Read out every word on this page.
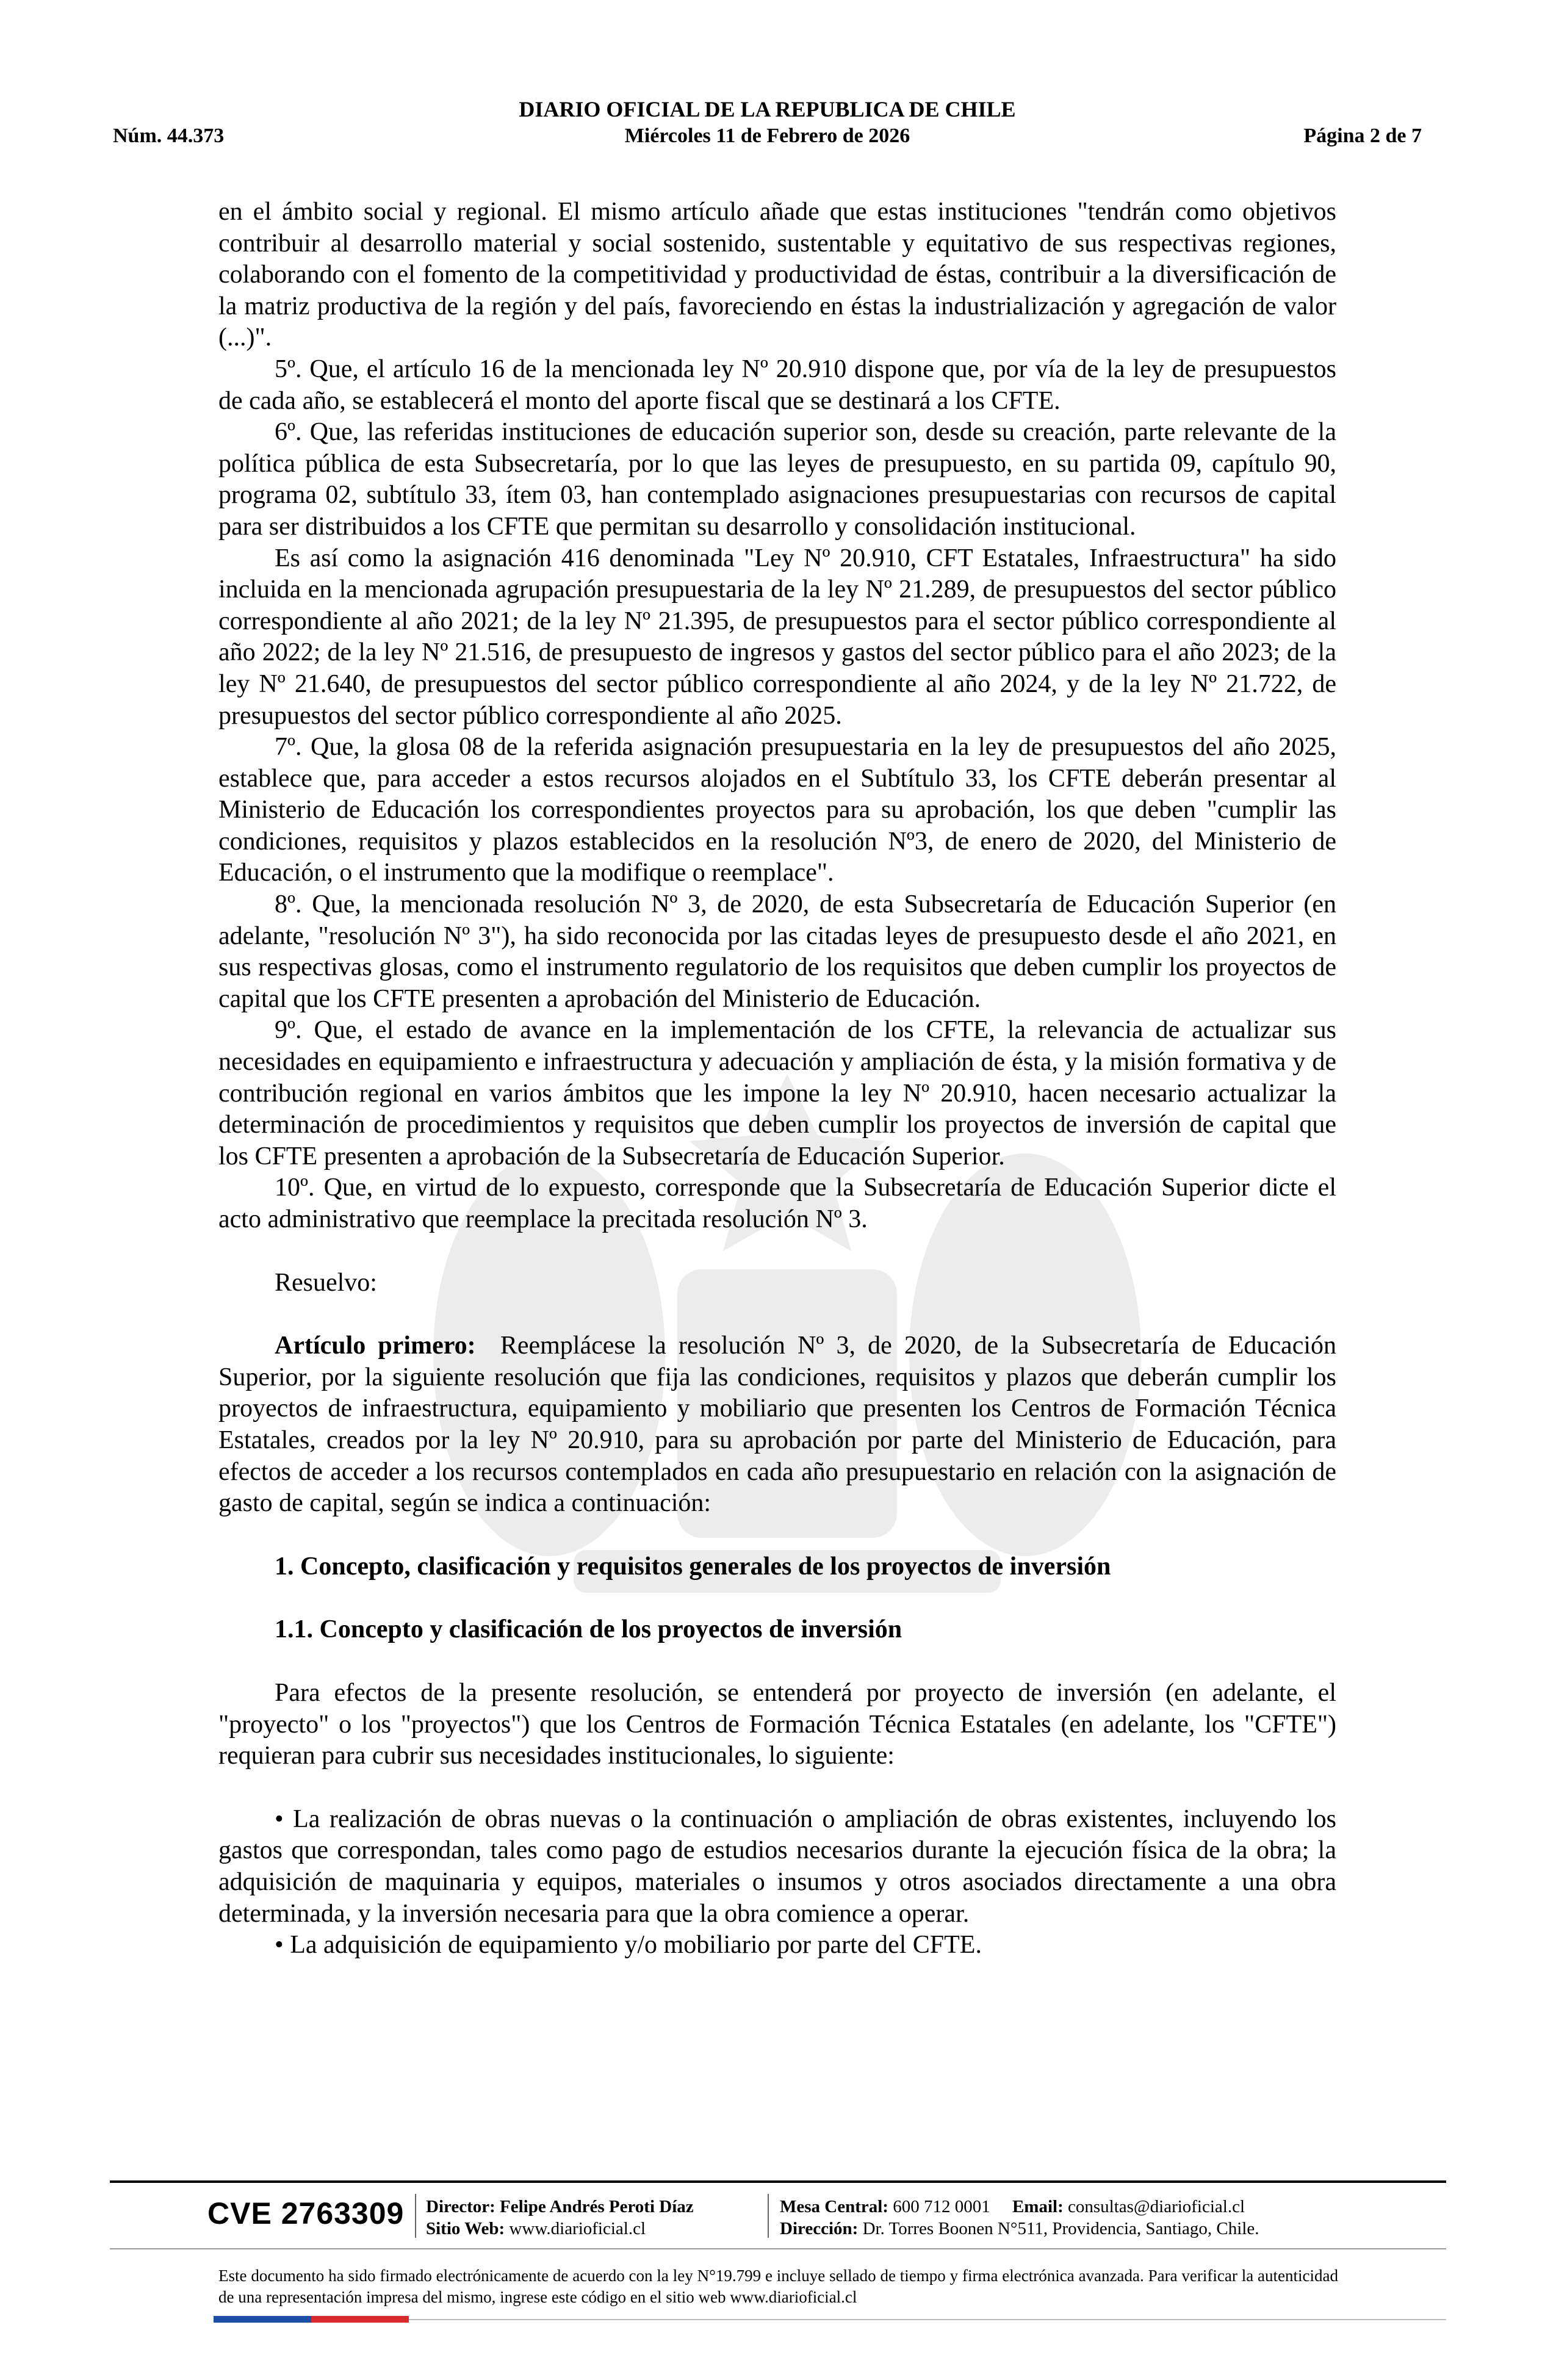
DIARIO OFICIAL DE LA REPUBLICA DE CHILE
Núm. 44.373	Miércoles 11 de Febrero de 2026	Página 2 de 7

en el ámbito social y regional. El mismo artículo añade que estas instituciones "tendrán como objetivos contribuir al desarrollo material y social sostenido, sustentable y equitativo de sus respectivas regiones, colaborando con el fomento de la competitividad y productividad de éstas, contribuir a la diversificación de la matriz productiva de la región y del país, favoreciendo en éstas la industrialización y agregación de valor (...)".

5º. Que, el artículo 16 de la mencionada ley Nº 20.910 dispone que, por vía de la ley de presupuestos de cada año, se establecerá el monto del aporte fiscal que se destinará a los CFTE.

6º. Que, las referidas instituciones de educación superior son, desde su creación, parte relevante de la política pública de esta Subsecretaría, por lo que las leyes de presupuesto, en su partida 09, capítulo 90, programa 02, subtítulo 33, ítem 03, han contemplado asignaciones presupuestarias con recursos de capital para ser distribuidos a los CFTE que permitan su desarrollo y consolidación institucional.

Es así como la asignación 416 denominada "Ley Nº 20.910, CFT Estatales, Infraestructura" ha sido incluida en la mencionada agrupación presupuestaria de la ley Nº 21.289, de presupuestos del sector público correspondiente al año 2021; de la ley Nº 21.395, de presupuestos para el sector público correspondiente al año 2022; de la ley Nº 21.516, de presupuesto de ingresos y gastos del sector público para el año 2023; de la ley Nº 21.640, de presupuestos del sector público correspondiente al año 2024, y de la ley Nº 21.722, de presupuestos del sector público correspondiente al año 2025.

7º. Que, la glosa 08 de la referida asignación presupuestaria en la ley de presupuestos del año 2025, establece que, para acceder a estos recursos alojados en el Subtítulo 33, los CFTE deberán presentar al Ministerio de Educación los correspondientes proyectos para su aprobación, los que deben "cumplir las condiciones, requisitos y plazos establecidos en la resolución Nº3, de enero de 2020, del Ministerio de Educación, o el instrumento que la modifique o reemplace".

8º. Que, la mencionada resolución Nº 3, de 2020, de esta Subsecretaría de Educación Superior (en adelante, "resolución Nº 3"), ha sido reconocida por las citadas leyes de presupuesto desde el año 2021, en sus respectivas glosas, como el instrumento regulatorio de los requisitos que deben cumplir los proyectos de capital que los CFTE presenten a aprobación del Ministerio de Educación.

9º. Que, el estado de avance en la implementación de los CFTE, la relevancia de actualizar sus necesidades en equipamiento e infraestructura y adecuación y ampliación de ésta, y la misión formativa y de contribución regional en varios ámbitos que les impone la ley Nº 20.910, hacen necesario actualizar la determinación de procedimientos y requisitos que deben cumplir los proyectos de inversión de capital que los CFTE presenten a aprobación de la Subsecretaría de Educación Superior.

10º. Que, en virtud de lo expuesto, corresponde que la Subsecretaría de Educación Superior dicte el acto administrativo que reemplace la precitada resolución Nº 3.

Resuelvo:

Artículo primero: Reemplácese la resolución Nº 3, de 2020, de la Subsecretaría de Educación Superior, por la siguiente resolución que fija las condiciones, requisitos y plazos que deberán cumplir los proyectos de infraestructura, equipamiento y mobiliario que presenten los Centros de Formación Técnica Estatales, creados por la ley Nº 20.910, para su aprobación por parte del Ministerio de Educación, para efectos de acceder a los recursos contemplados en cada año presupuestario en relación con la asignación de gasto de capital, según se indica a continuación:

1. Concepto, clasificación y requisitos generales de los proyectos de inversión

1.1. Concepto y clasificación de los proyectos de inversión

Para efectos de la presente resolución, se entenderá por proyecto de inversión (en adelante, el "proyecto" o los "proyectos") que los Centros de Formación Técnica Estatales (en adelante, los "CFTE") requieran para cubrir sus necesidades institucionales, lo siguiente:

• La realización de obras nuevas o la continuación o ampliación de obras existentes, incluyendo los gastos que correspondan, tales como pago de estudios necesarios durante la ejecución física de la obra; la adquisición de maquinaria y equipos, materiales o insumos y otros asociados directamente a una obra determinada, y la inversión necesaria para que la obra comience a operar.

• La adquisición de equipamiento y/o mobiliario por parte del CFTE.

CVE 2763309 Director: Felipe Andrés Peroti Díaz
Sitio Web: www.diarioficial.cl
Mesa Central: 600 712 0001 Email: consultas@diarioficial.cl
Dirección: Dr. Torres Boonen N°511, Providencia, Santiago, Chile.
Este documento ha sido firmado electrónicamente de acuerdo con la ley N°19.799 e incluye sellado de tiempo y firma electrónica avanzada. Para verificar la autenticidad de una representación impresa del mismo, ingrese este código en el sitio web www.diarioficial.cl
